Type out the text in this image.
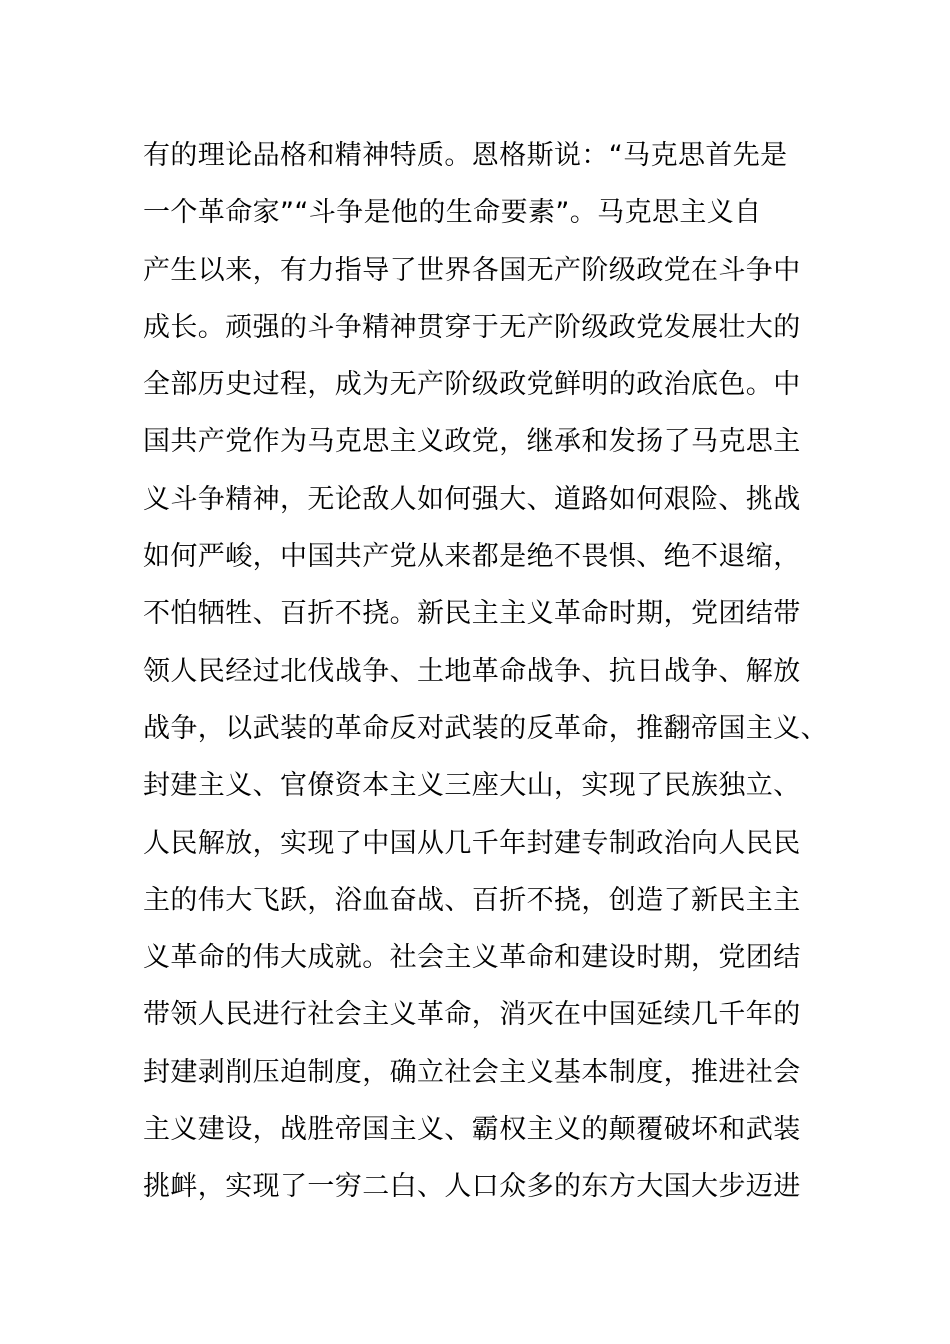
有的理论品格和精神特质。恩格斯说：“马克思首先是
一个革命家”“斗争是他的生命要素”。马克思主义自
产生以来，有力指导了世界各国无产阶级政党在斗争中
成长。顽强的斗争精神贯穿于无产阶级政党发展壮大的
全部历史过程，成为无产阶级政党鲜明的政治底色。中
国共产党作为马克思主义政党，继承和发扬了马克思主
义斗争精神，无论敌人如何强大、道路如何艰险、挑战
如何严峻，中国共产党从来都是绝不畏惧、绝不退缩，
不怕牺牲、百折不挠。新民主主义革命时期，党团结带
领人民经过北伐战争、土地革命战争、抗日战争、解放
战争，以武装的革命反对武装的反革命，推翻帝国主义、
封建主义、官僚资本主义三座大山，实现了民族独立、
人民解放，实现了中国从几千年封建专制政治向人民民
主的伟大飞跃，浴血奋战、百折不挠，创造了新民主主
义革命的伟大成就。社会主义革命和建设时期，党团结
带领人民进行社会主义革命，消灭在中国延续几千年的
封建剥削压迫制度，确立社会主义基本制度，推进社会
主义建设，战胜帝国主义、霸权主义的颠覆破坏和武装
挑衅，实现了一穷二白、人口众多的东方大国大步迈进
